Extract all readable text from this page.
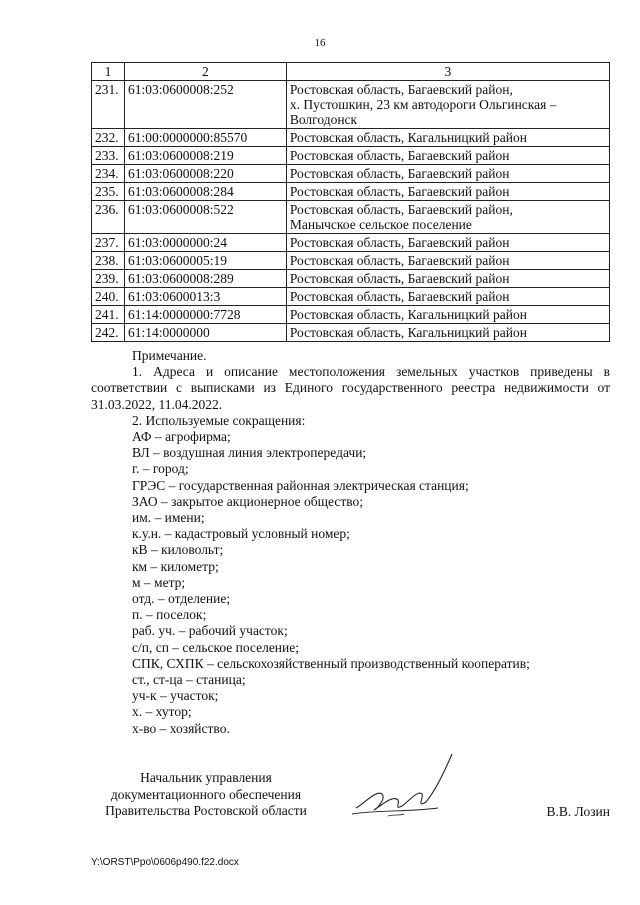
16
1	2	3
231.	61:03:0600008:252	Ростовская область, Багаевский район,
х. Пустошкин, 23 км автодороги Ольгинская –
Волгодонск

232.	61:00:0000000:85570	Ростовская область, Кагальницкий район

233.	61:03:0600008:219	Ростовская область, Багаевский район

234.	61:03:0600008:220	Ростовская область, Багаевский район

235.	61:03:0600008:284	Ростовская область, Багаевский район

236.	61:03:0600008:522	Ростовская область, Багаевский район,
Манычское сельское поселение

237.	61:03:0000000:24	Ростовская область, Багаевский район

238.	61:03:0600005:19	Ростовская область, Багаевский район

239.	61:03:0600008:289	Ростовская область, Багаевский район

240.	61:03:0600013:3	Ростовская область, Багаевский район

241.	61:14:0000000:7728	Ростовская область, Кагальницкий район

242.	61:14:0000000	Ростовская область, Кагальницкий район

Примечание.

1. Адреса и описание местоположения земельных участков приведены в соответствии с выписками из Единого государственного реестра недвижимости от 31.03.2022, 11.04.2022.

2. Используемые сокращения:

АФ – агрофирма;

ВЛ – воздушная линия электропередачи;

г. – город;

ГРЭС – государственная районная электрическая станция;

ЗАО – закрытое акционерное общество;

им. – имени;

к.у.н. – кадастровый условный номер;

кВ – киловольт;

км – километр;

м – метр;

отд. – отделение;

п. – поселок;

раб. уч. – рабочий участок;

с/п, сп – сельское поселение;

СПК, СХПК – сельскохозяйственный производственный кооператив;

ст., ст-ца – станица;

уч-к – участок;

х. – хутор;

х-во – хозяйство.

Начальник управления
документационного обеспечения
Правительства Ростовской области	В.В. Лозин
Y:\ORST\Ppo\0606p490.f22.docx
